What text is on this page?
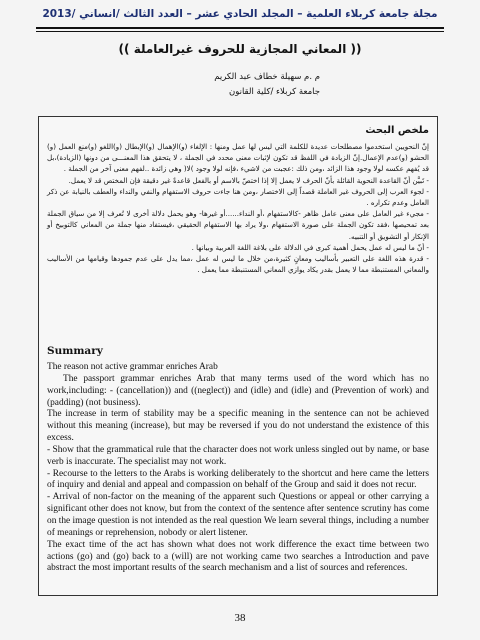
مجلة جامعة كربلاء العلمية – المجلد الحادي عشر – العدد الثالث /انساني /2013
(( المعاني المجازية للحروف غيرالعاملة ))
م .م سهيلة خطاف عبد الكريم
جامعة كربلاء /كلية القانون
ملخص البحث

إنّ النحويين استخدموا مصطلحات عديدة للكلمة التي ليس لها عمل ومنها : الإلغاء (و)الإهمال (و)الإبطال (و)اللغو (و)منع العمل (و) الحشو (و)عدم الإعمال.إنّ الزيادة في اللفظ قد تكون لإثبات معنى محدد في الجملة ، لا يتحقق هذا المعنـــى من دونها (الزيادة)،بل قد يُفهم عكسه لولا وجود هذا الزائد ،ومن ذلك :عجبت من لاشيء ،فإنه لولا وجود )لا( وهي زائدة ..لفهم معنى آخر من الجملة .

- تَبيَّن أنّ القاعدة النحوية القائلة بأنّ الحرف لا يعمل إلا إذا اختصّ بالاسم أو بالفعل قاعدةٌ غير دقيقة فإن المختص قد لا يعمل.

- لجوء العرب إلى الحروف غير العاملة قصداً إلى الاختصار ،ومن هنا جاءت حروف الاستفهام والنفي والنداء والعطف بالنيابة عن ذكر العامل وعدم تكراره .

- مجيء غير العامل على معنى عامل ظاهر -كالاستفهام ،أو النداء......أو غيرها- وهو يحمل دلالة أخرى لا تُعرف إلا من سياق الجملة بعد تمحيصها ،فقد تكون الجملة على صورة الاستفهام ،ولا يراد بها الاستفهام الحقيقي ،فيستفاد منها جملة من المعاني كالتوبيخ أو الإنكار أو التشويق أو التنبيه.

- أنّ ما ليس له عمل يحمل أهمية كبرى في الدلالة على بلاغة اللغة العربية وبيانها .

- قدرة هذه اللغة على التعبير بأساليب ومعانٍ كثيرة،من خلال ما ليس له عمل ،مما يدل على عدم جمودها وقيامها من الأساليب والمعاني المستنبطة مما لا يعمل بقدر يكاد يوازي المعاني المستنبطة مما يعمل .

Summary

The reason not active grammar enriches Arab

The passport grammar enriches Arab that many terms used of the word which has no work,including: - (cancellation)) and ((neglect)) and (idle) and (idle) and (Prevention of work) and (padding) (not business).

The increase in term of stability may be a specific meaning in the sentence can not be achieved without this meaning (increase), but may be reversed if you do not understand the existence of this excess.

- Show that the grammatical rule that the character does not work unless singled out by name, or base verb is inaccurate. The specialist may not work.

- Recourse to the letters to the Arabs is working deliberately to the shortcut and here came the letters of inquiry and denial and appeal and compassion on behalf of the Group and said it does not recur.

- Arrival of non-factor on the meaning of the apparent such Questions or appeal or other carrying a significant other does not know, but from the context of the sentence after sentence scrutiny has come on the image question is not intended as the real question We learn several things, including a number of meanings or reprehension, nobody or alert listener.

The exact time of the act has shown what does not work difference the exact time between two actions (go) and (go) back to a (will) are not working came two searches a Introduction and pave abstract the most important results of the search mechanism and a list of sources and references.

38
